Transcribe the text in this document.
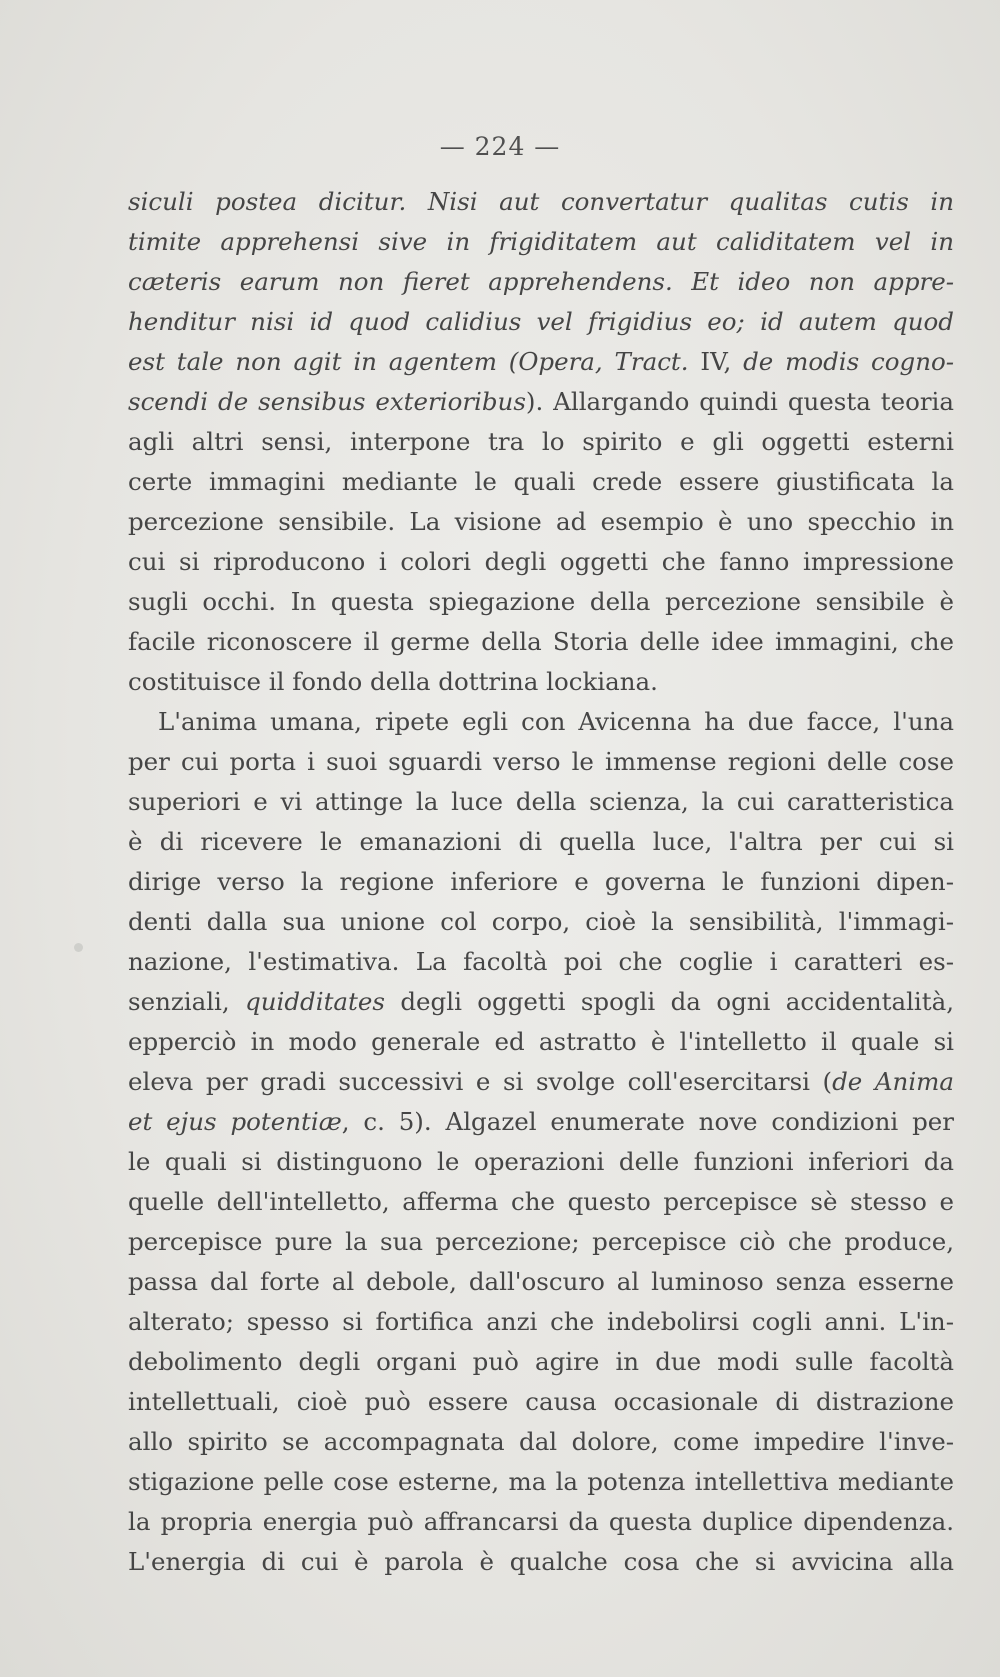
— 224 —
siculi postea dicitur. Nisi aut convertatur qualitas cutis in
timite apprehensi sive in frigiditatem aut caliditatem vel in
cæteris earum non fieret apprehendens. Et ideo non appre-
henditur nisi id quod calidius vel frigidius eo; id autem quod
est tale non agit in agentem (Opera, Tract. IV, de modis cogno-
scendi de sensibus exterioribus). Allargando quindi questa teoria
agli altri sensi, interpone tra lo spirito e gli oggetti esterni
certe immagini mediante le quali crede essere giustificata la
percezione sensibile. La visione ad esempio è uno specchio in
cui si riproducono i colori degli oggetti che fanno impressione
sugli occhi. In questa spiegazione della percezione sensibile è
facile riconoscere il germe della Storia delle idee immagini, che
costituisce il fondo della dottrina lockiana.
L'anima umana, ripete egli con Avicenna ha due facce, l'una
per cui porta i suoi sguardi verso le immense regioni delle cose
superiori e vi attinge la luce della scienza, la cui caratteristica
è di ricevere le emanazioni di quella luce, l'altra per cui si
dirige verso la regione inferiore e governa le funzioni dipen-
denti dalla sua unione col corpo, cioè la sensibilità, l'immagi-
nazione, l'estimativa. La facoltà poi che coglie i caratteri es-
senziali, quidditates degli oggetti spogli da ogni accidentalità,
epperciò in modo generale ed astratto è l'intelletto il quale si
eleva per gradi successivi e si svolge coll'esercitarsi (de Anima
et ejus potentiæ, c. 5). Algazel enumerate nove condizioni per
le quali si distinguono le operazioni delle funzioni inferiori da
quelle dell'intelletto, afferma che questo percepisce sè stesso e
percepisce pure la sua percezione; percepisce ciò che produce,
passa dal forte al debole, dall'oscuro al luminoso senza esserne
alterato; spesso si fortifica anzi che indebolirsi cogli anni. L'in-
debolimento degli organi può agire in due modi sulle facoltà
intellettuali, cioè può essere causa occasionale di distrazione
allo spirito se accompagnata dal dolore, come impedire l'inve-
stigazione pelle cose esterne, ma la potenza intellettiva mediante
la propria energia può affrancarsi da questa duplice dipendenza.
L'energia di cui è parola è qualche cosa che si avvicina alla
